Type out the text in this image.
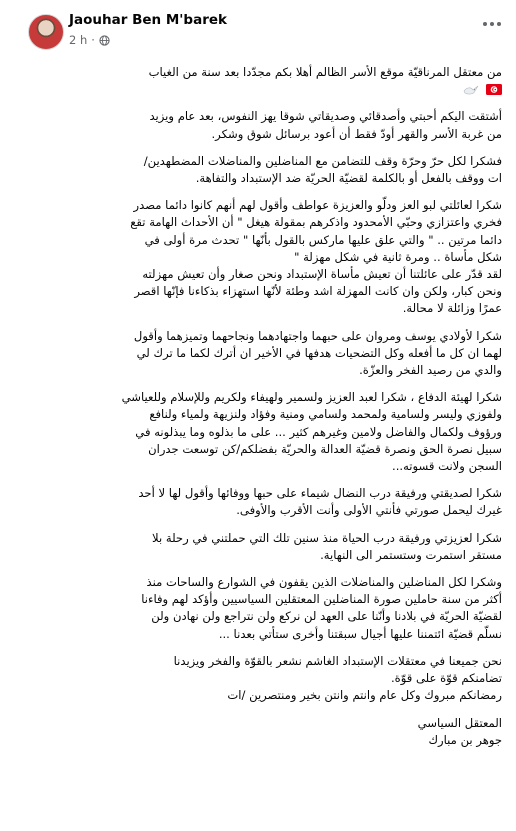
Jaouhar Ben M'barek
2 h ·
من معتقل المرناقيّة موقع الأسر الظالم أهلا بكم مجدّدا بعد سنة من الغياب

أشتقت اليكم أحبتي وأصدقائي وصديقاتي شوقا يهز النفوس، بعد عام ويزيد
من غربة الأسر والقهر أودّ فقط أن أعود برسائل شوق وشكر.
فشكرا لكل حرّ وحرّة وقف للتضامن مع المناضلين والمناضلات المضطهدين/
ات ووقف بالفعل أو بالكلمة لقضيّة الحريّة ضد الإستبداد والتفاهة.
شكرا لعائلتي لبو العز ودلّو والعزيزة عواطف وأقول لهم أنهم كانوا دائما مصدر
فخري واعتزازي وحبّي الأمحدود واذكرهم بمقولة هيغل " أن الأحداث الهامة تقع
دائما مرتين .. " والتي علق عليها ماركس بالقول بأنّها " تحدث مرة أولى في
شكل مأساة .. ومرة ثانية في شكل مهزلة "
لقد قدّر على عائلتنا أن تعيش مأساة الإستبداد ونحن صغار وأن تعيش مهزلته
ونحن كبار، ولكن وان كانت المهزلة اشد وطئة لأنّها استهزاء بذكاءنا فإنّها اقصر
عمرًا وزائلة لا محالة.
شكرا لأولادي يوسف ومروان على حبهما واجتهادهما ونجاحهما وتميزهما وأقول
لهما ان كل ما أفعله وكل التضحيات هدفها في الأخير ان أترك لكما ما ترك لي
والدي من رصيد الفخر والعزّة.
شكرا لهيئة الدفاع ، شكرا لعبد العزيز ولسمير ولهيفاء ولكريم وللإسلام وللعياشي
ولفوزي وليسر ولسامية ولمحمد ولسامي ومنية وفؤاد ولنزيهة ولمياء ولنافع
ورؤوف ولكمال والفاضل ولامين وغيرهم كثير ... على ما بذلوه وما يبذلونه في
سبيل نصرة الحق ونصرة قضيّة العدالة والحريّة بفضلكم/كن توسعت جدران
السجن ولانت قسوته...
شكرا لصديقتي ورفيقة درب النضال شيماء على حبها ووفائها وأقول لها لا أحد
غيرك ليحمل صورتي فأنتي الأولى وأنت الأقرب والأوفى.
شكرا لعزيزتي ورفيقة درب الحياة منذ سنين تلك التي حملتني في رحلة بلا
مستقر استمرت وستستمر الى النهاية.
وشكرا لكل المناضلين والمناضلات الذين يقفون في الشوارع والساحات منذ
أكثر من سنة حاملين صورة المناضلين المعتقلين السياسيين وأؤكد لهم وفاءنا
لقضيّة الحريّة في بلادنا وأنّنا على العهد لن نركع ولن نتراجع ولن نهادن ولن
نسلّم قضيّة ائتمننا عليها أجيال سبقتنا وأخرى ستأتي بعدنا ...
نحن جميعنا في معتقلات الإستبداد الغاشم نشعر بالقوّة والفخر ويزيدنا
تضامنكم قوّة على قوّة.
رمضانكم مبروك وكل عام وانتم وانتن بخير ومنتصرين /ات
المعتقل السياسي
جوهر بن مبارك
